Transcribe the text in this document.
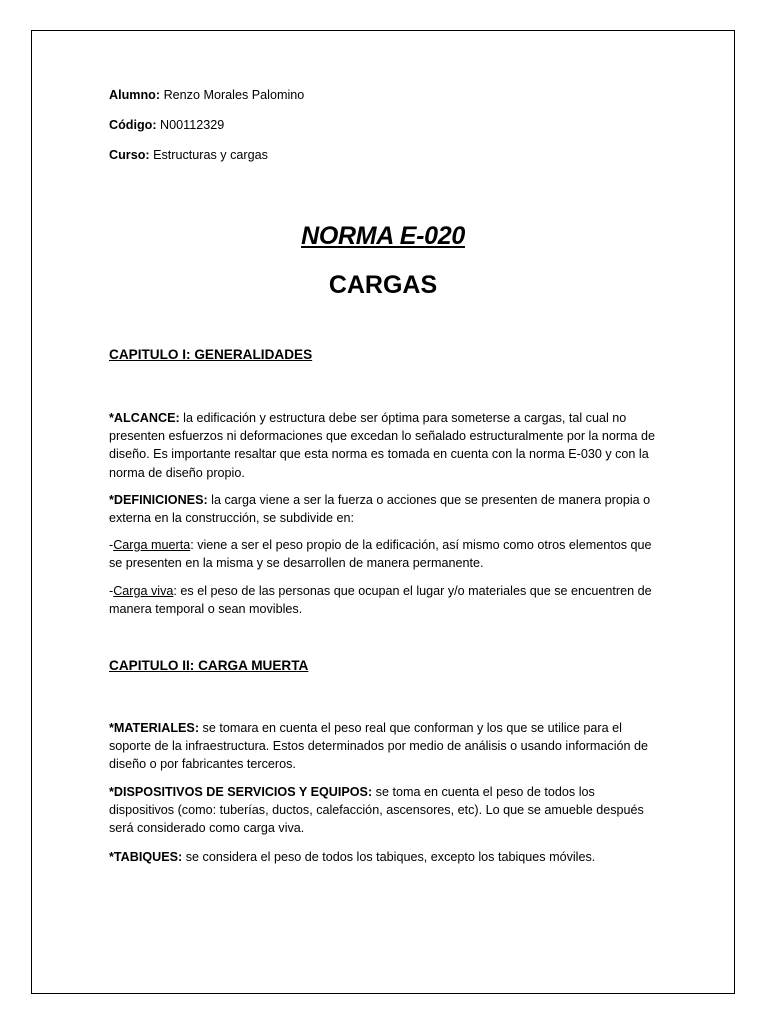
Alumno: Renzo Morales Palomino

Código: N00112329

Curso: Estructuras y cargas

NORMA E-020
CARGAS
CAPITULO I: GENERALIDADES

*ALCANCE: la edificación y estructura debe ser óptima para someterse a cargas, tal cual no presenten esfuerzos ni deformaciones que excedan lo señalado estructuralmente por la norma de diseño. Es importante resaltar que esta norma es tomada en cuenta con la norma E-030 y con la norma de diseño propio.

*DEFINICIONES: la carga viene a ser la fuerza o acciones que se presenten de manera propia o externa en la construcción, se subdivide en:

-Carga muerta: viene a ser el peso propio de la edificación, así mismo como otros elementos que se presenten en la misma y se desarrollen de manera permanente.

-Carga viva: es el peso de las personas que ocupan el lugar y/o materiales que se encuentren de manera temporal o sean movibles.

CAPITULO II: CARGA MUERTA

*MATERIALES: se tomara en cuenta el peso real que conforman y los que se utilice para el soporte de la infraestructura. Estos determinados por medio de análisis o usando información de diseño o por fabricantes terceros.

*DISPOSITIVOS DE SERVICIOS Y EQUIPOS: se toma en cuenta el peso de todos los dispositivos (como: tuberías, ductos, calefacción, ascensores, etc). Lo que se amueble después será considerado como carga viva.

*TABIQUES: se considera el peso de todos los tabiques, excepto los tabiques móviles.
